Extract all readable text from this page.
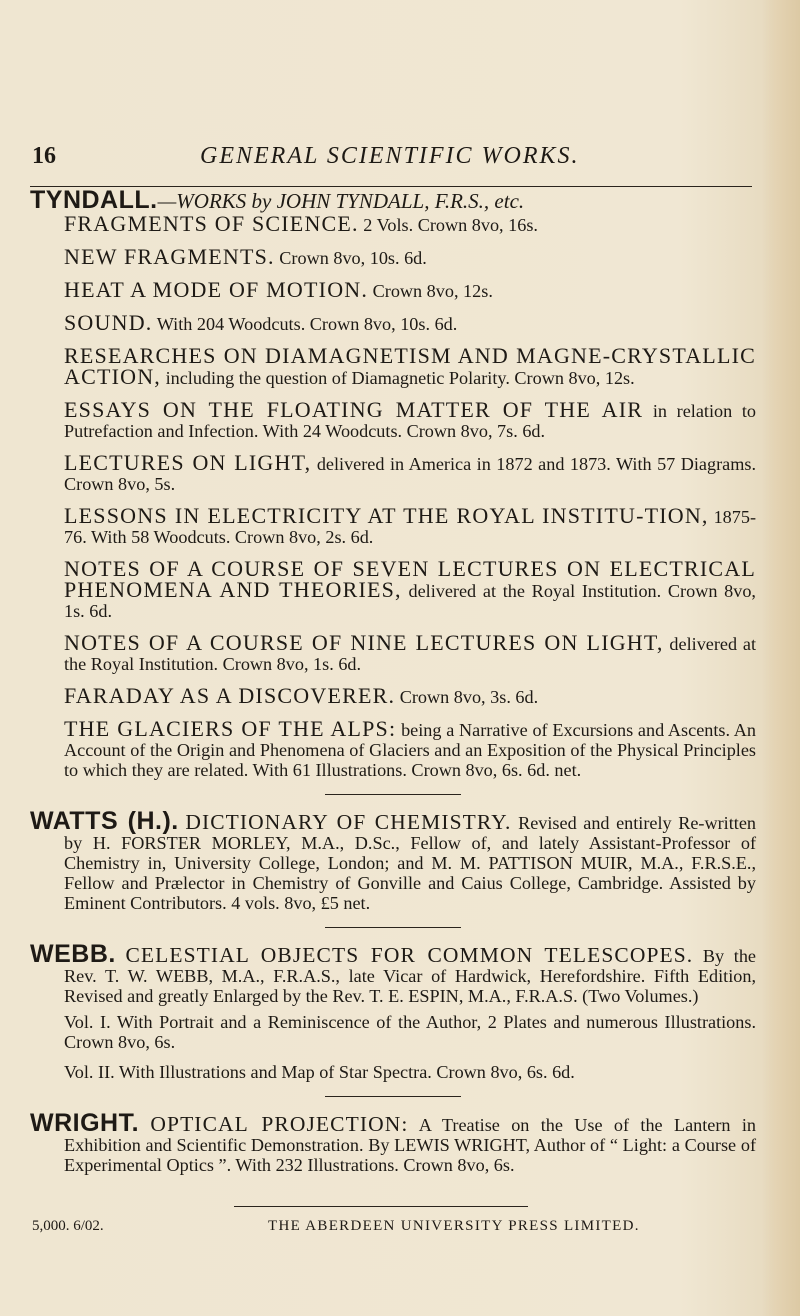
16	GENERAL SCIENTIFIC WORKS.

TYNDALL.—WORKS by JOHN TYNDALL, F.R.S., etc.

FRAGMENTS OF SCIENCE. 2 Vols. Crown 8vo, 16s.

NEW FRAGMENTS. Crown 8vo, 10s. 6d.

HEAT A MODE OF MOTION. Crown 8vo, 12s.

SOUND. With 204 Woodcuts. Crown 8vo, 10s. 6d.

RESEARCHES ON DIAMAGNETISM AND MAGNE-CRYSTALLIC ACTION, including the question of Diamagnetic Polarity. Crown 8vo, 12s.

ESSAYS ON THE FLOATING MATTER OF THE AIR in relation to Putrefaction and Infection. With 24 Woodcuts. Crown 8vo, 7s. 6d.

LECTURES ON LIGHT, delivered in America in 1872 and 1873. With 57 Diagrams. Crown 8vo, 5s.

LESSONS IN ELECTRICITY AT THE ROYAL INSTITU-TION, 1875-76. With 58 Woodcuts. Crown 8vo, 2s. 6d.

NOTES OF A COURSE OF SEVEN LECTURES ON ELECTRICAL PHENOMENA AND THEORIES, delivered at the Royal Institution. Crown 8vo, 1s. 6d.

NOTES OF A COURSE OF NINE LECTURES ON LIGHT, delivered at the Royal Institution. Crown 8vo, 1s. 6d.

FARADAY AS A DISCOVERER. Crown 8vo, 3s. 6d.

THE GLACIERS OF THE ALPS: being a Narrative of Excursions and Ascents. An Account of the Origin and Phenomena of Glaciers and an Exposition of the Physical Principles to which they are related. With 61 Illustrations. Crown 8vo, 6s. 6d. net.

WATTS (H.). DICTIONARY OF CHEMISTRY. Revised and entirely Re-written by H. FORSTER MORLEY, M.A., D.Sc., Fellow of, and lately Assistant-Professor of Chemistry in, University College, London; and M. M. PATTISON MUIR, M.A., F.R.S.E., Fellow and Prælector in Chemistry of Gonville and Caius College, Cambridge. Assisted by Eminent Contributors. 4 vols. 8vo, £5 net.

WEBB. CELESTIAL OBJECTS FOR COMMON TELESCOPES. By the Rev. T. W. WEBB, M.A., F.R.A.S., late Vicar of Hardwick, Herefordshire. Fifth Edition, Revised and greatly Enlarged by the Rev. T. E. ESPIN, M.A., F.R.A.S. (Two Volumes.)

Vol. I. With Portrait and a Reminiscence of the Author, 2 Plates and numerous Illustrations. Crown 8vo, 6s.

Vol. II. With Illustrations and Map of Star Spectra. Crown 8vo, 6s. 6d.

WRIGHT. OPTICAL PROJECTION: A Treatise on the Use of the Lantern in Exhibition and Scientific Demonstration. By LEWIS WRIGHT, Author of “ Light: a Course of Experimental Optics ”. With 232 Illustrations. Crown 8vo, 6s.

5,000. 6/02.	THE ABERDEEN UNIVERSITY PRESS LIMITED.
